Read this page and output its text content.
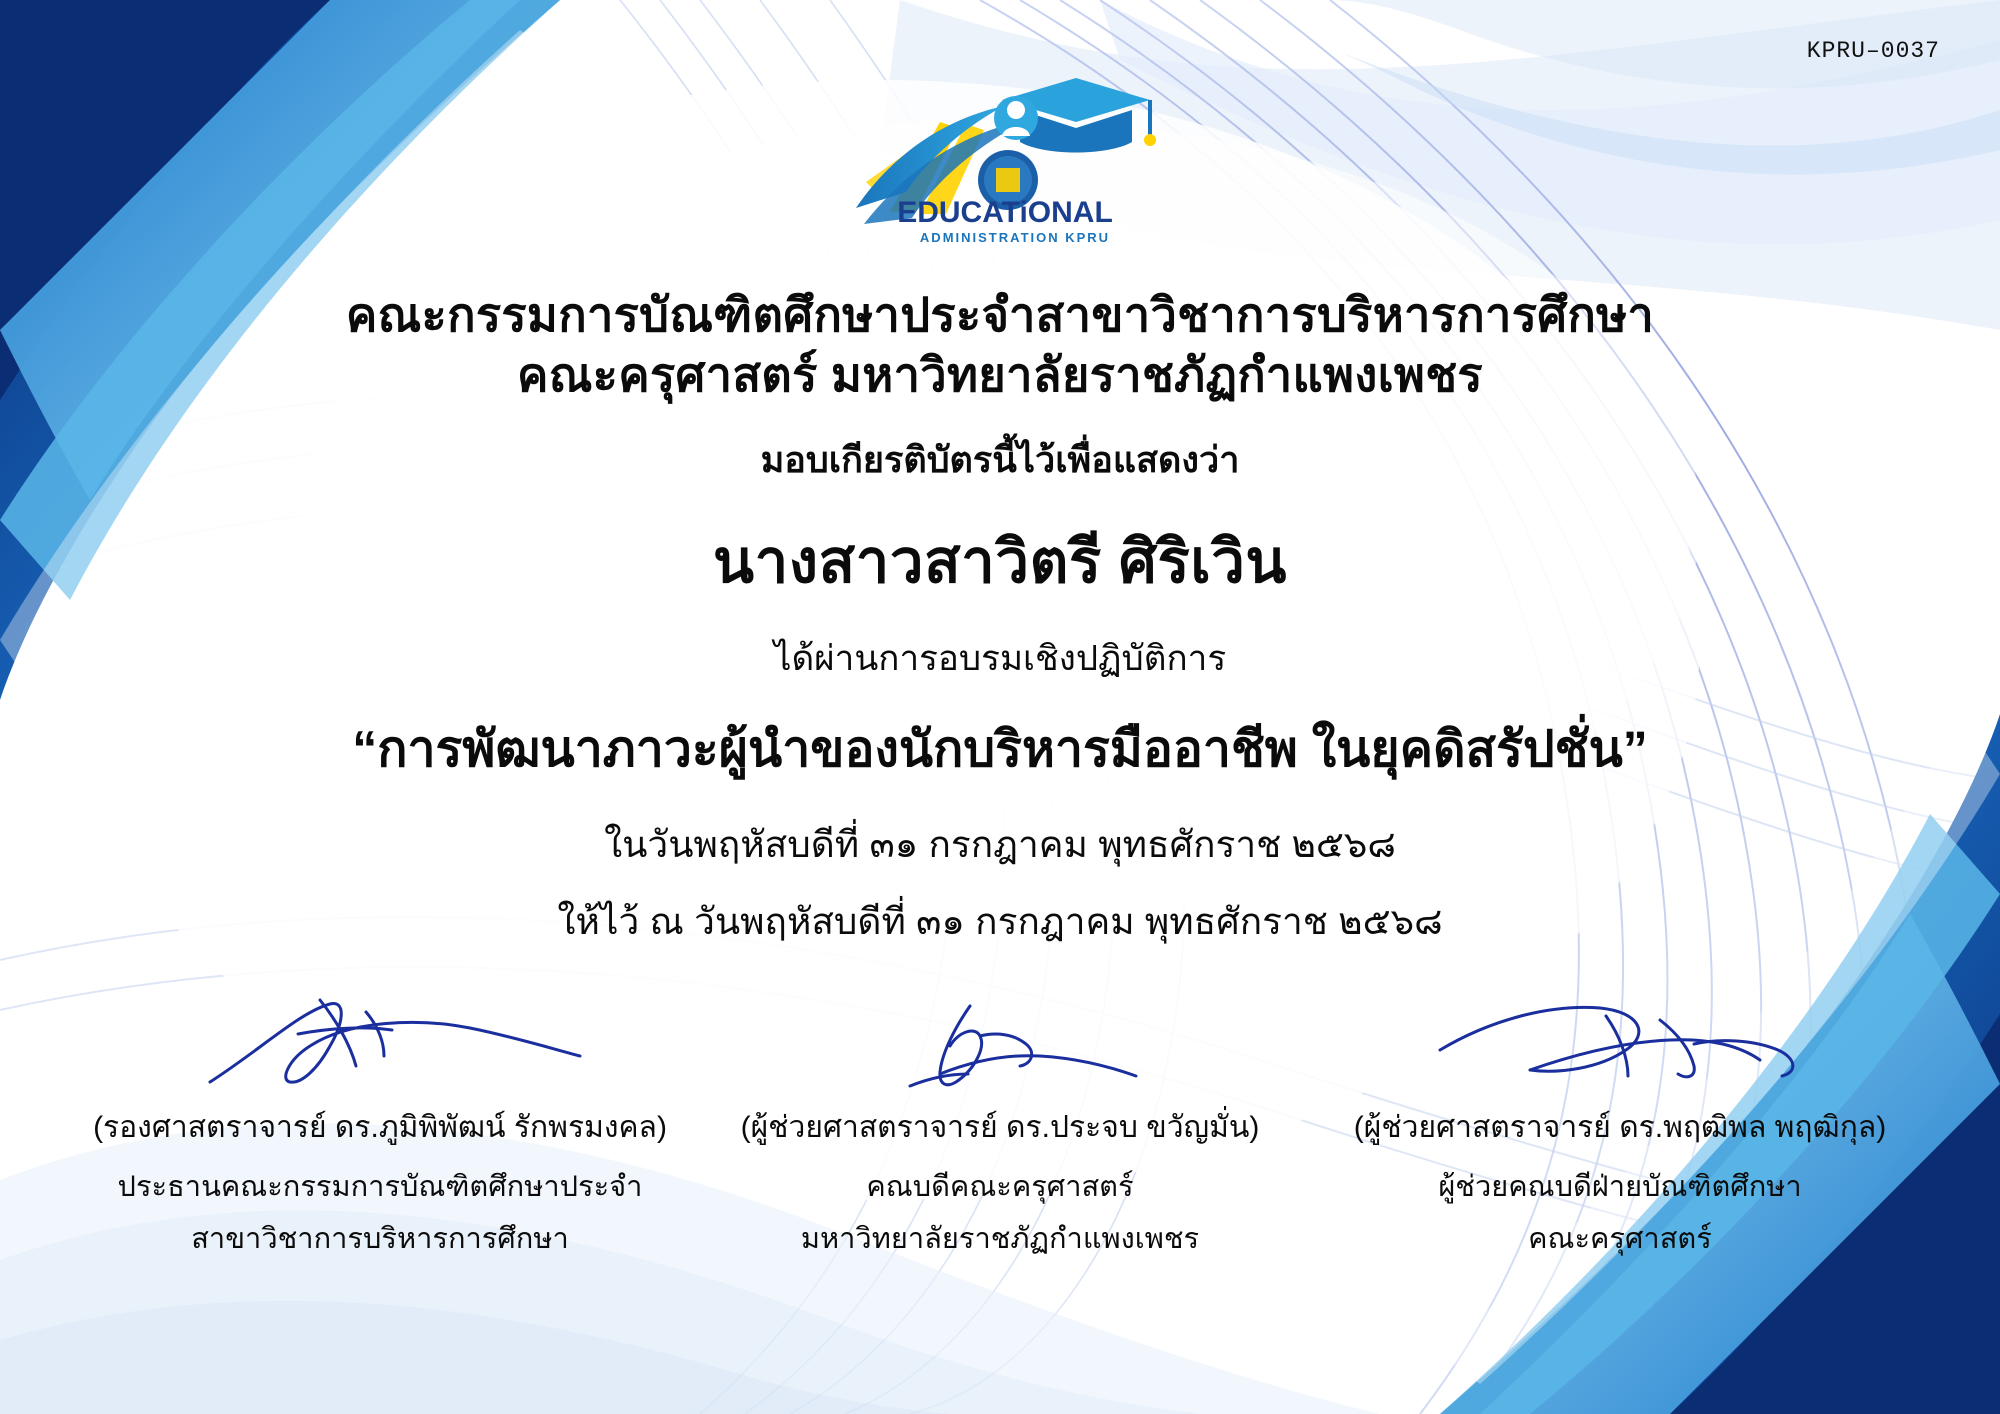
KPRU–0037
EDUCATiONAL
ADMINISTRATION KPRU
คณะกรรมการบัณฑิตศึกษาประจำสาขาวิชาการบริหารการศึกษา
คณะครุศาสตร์ มหาวิทยาลัยราชภัฏกำแพงเพชร
มอบเกียรติบัตรนี้ไว้เพื่อแสดงว่า
นางสาวสาวิตรี ศิริเวิน
ได้ผ่านการอบรมเชิงปฏิบัติการ
“การพัฒนาภาวะผู้นำของนักบริหารมืออาชีพ ในยุคดิสรัปชั่น”
ในวันพฤหัสบดีที่ ๓๑ กรกฎาคม พุทธศักราช ๒๕๖๘
ให้ไว้ ณ วันพฤหัสบดีที่ ๓๑ กรกฎาคม พุทธศักราช ๒๕๖๘
(รองศาสตราจารย์ ดร.ภูมิพิพัฒน์ รักพรมงคล)
ประธานคณะกรรมการบัณฑิตศึกษาประจำ
สาขาวิชาการบริหารการศึกษา
(ผู้ช่วยศาสตราจารย์ ดร.ประจบ ขวัญมั่น)
คณบดีคณะครุศาสตร์
มหาวิทยาลัยราชภัฏกำแพงเพชร
(ผู้ช่วยศาสตราจารย์ ดร.พฤฒิพล พฤฒิกุล)
ผู้ช่วยคณบดีฝ่ายบัณฑิตศึกษา
คณะครุศาสตร์
